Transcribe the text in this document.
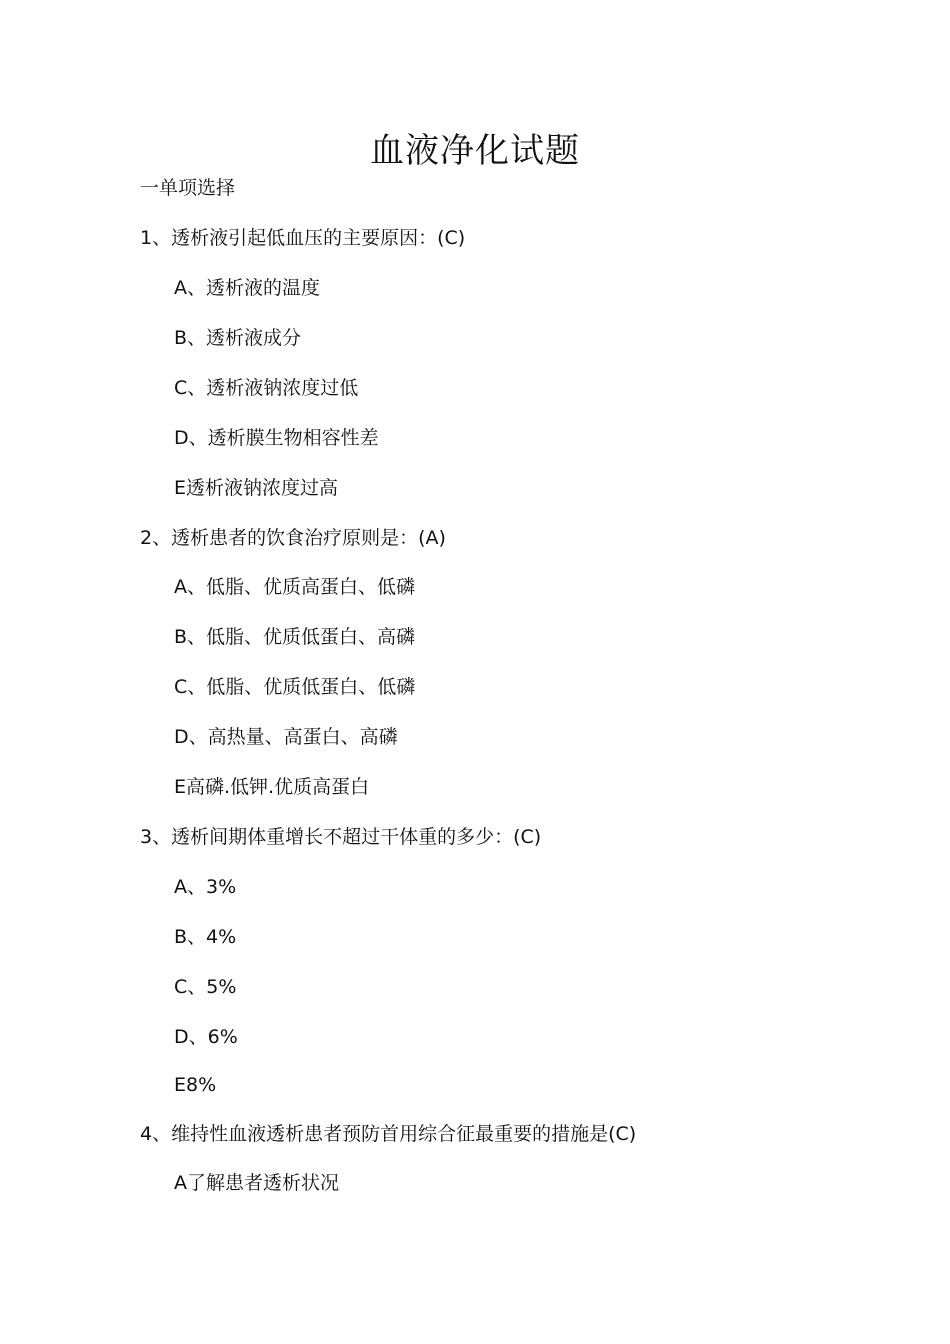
血液净化试题
一单项选择
1、透析液引起低血压的主要原因：(C)
A、透析液的温度
B、透析液成分
C、透析液钠浓度过低
D、透析膜生物相容性差
E透析液钠浓度过高
2、透析患者的饮食治疗原则是：(A)
A、低脂、优质高蛋白、低磷
B、低脂、优质低蛋白、高磷
C、低脂、优质低蛋白、低磷
D、高热量、高蛋白、高磷
E高磷.低钾.优质高蛋白
3、透析间期体重增长不超过干体重的多少：(C)
A、3%
B、4%
C、5%
D、6%
E8%
4、维持性血液透析患者预防首用综合征最重要的措施是(C)
A了解患者透析状况
